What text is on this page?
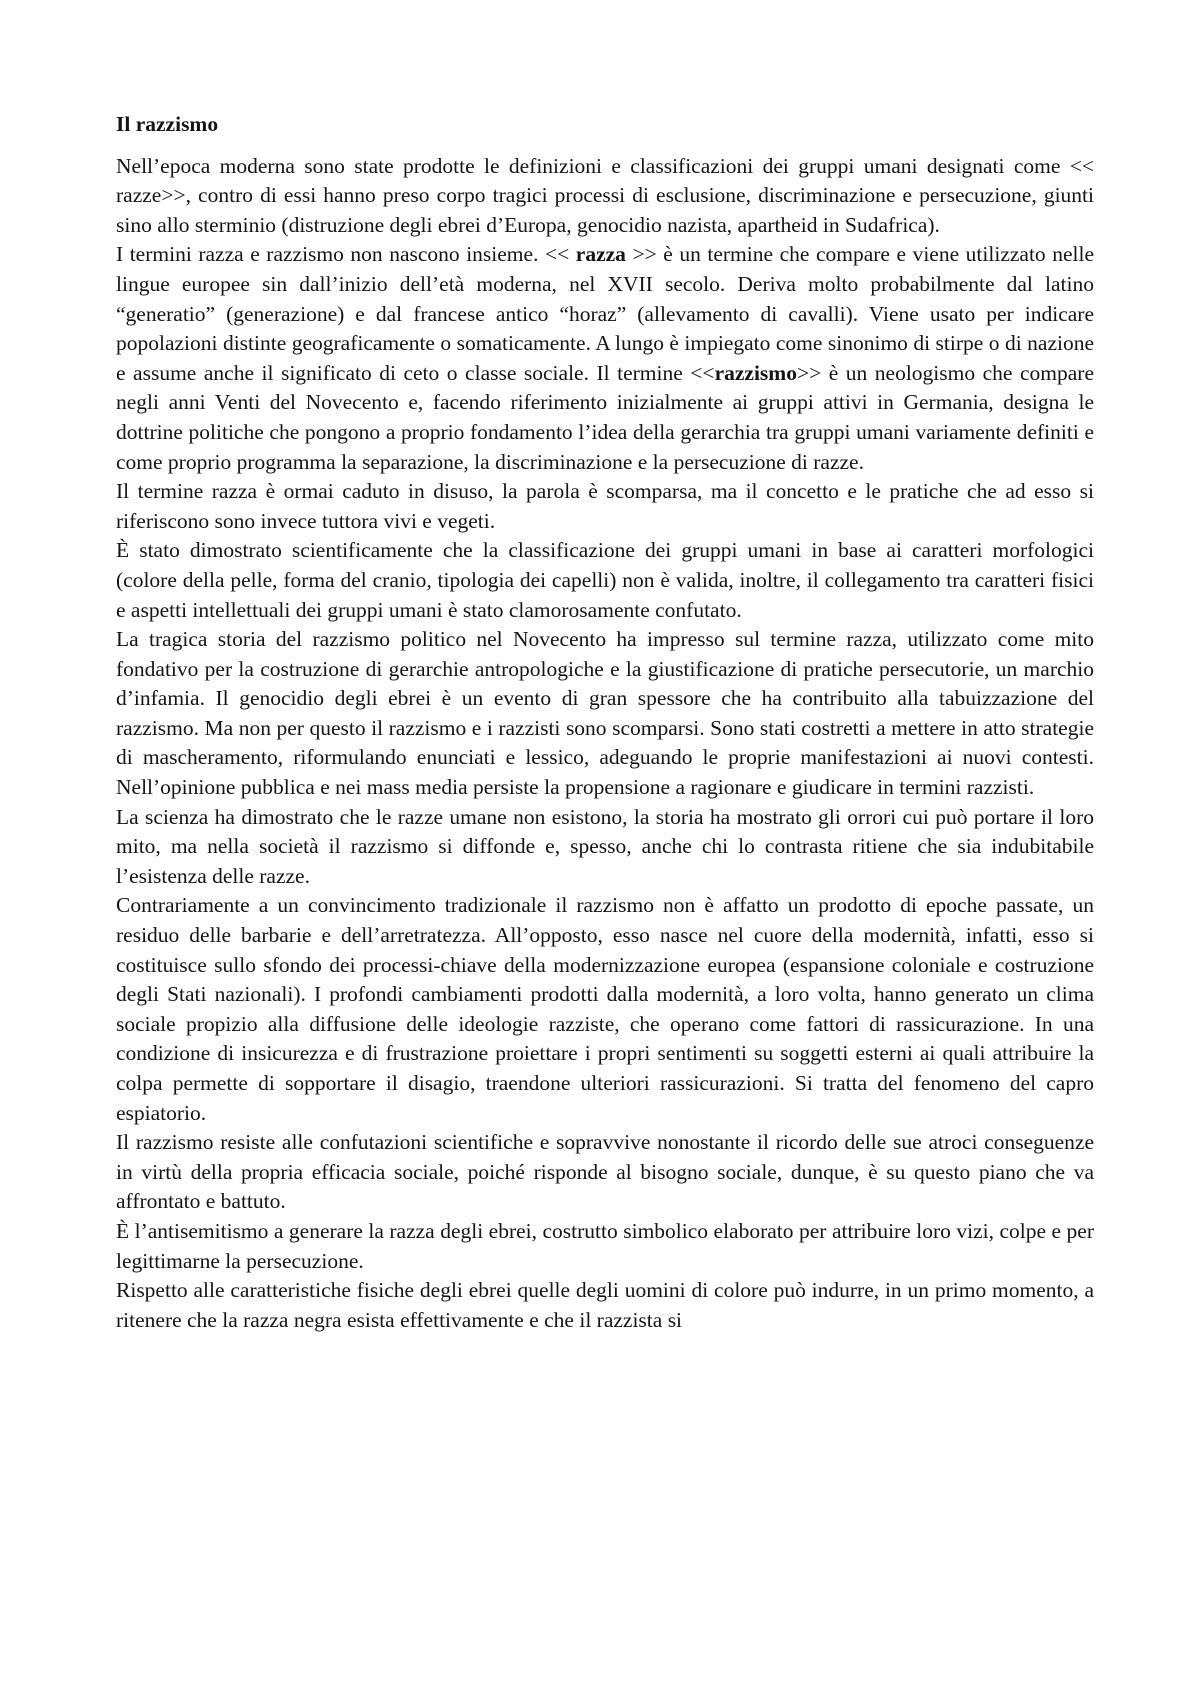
Il razzismo

Nell’epoca moderna sono state prodotte le definizioni e classificazioni dei gruppi umani designati come << razze>>, contro di essi hanno preso corpo tragici processi di esclusione, discriminazione e persecuzione, giunti sino allo sterminio (distruzione degli ebrei d’Europa, genocidio nazista, apartheid in Sudafrica).

I termini razza e razzismo non nascono insieme. << razza >> è un termine che compare e viene utilizzato nelle lingue europee sin dall’inizio dell’età moderna, nel XVII secolo. Deriva molto probabilmente dal latino “generatio” (generazione) e dal francese antico “horaz” (allevamento di cavalli). Viene usato per indicare popolazioni distinte geograficamente o somaticamente. A lungo è impiegato come sinonimo di stirpe o di nazione e assume anche il significato di ceto o classe sociale. Il termine <<razzismo>> è un neologismo che compare negli anni Venti del Novecento e, facendo riferimento inizialmente ai gruppi attivi in Germania, designa le dottrine politiche che pongono a proprio fondamento l’idea della gerarchia tra gruppi umani variamente definiti e come proprio programma la separazione, la discriminazione e la persecuzione di razze.

Il termine razza è ormai caduto in disuso, la parola è scomparsa, ma il concetto e le pratiche che ad esso si riferiscono sono invece tuttora vivi e vegeti.

È stato dimostrato scientificamente che la classificazione dei gruppi umani in base ai caratteri morfologici (colore della pelle, forma del cranio, tipologia dei capelli) non è valida, inoltre, il collegamento tra caratteri fisici e aspetti intellettuali dei gruppi umani è stato clamorosamente confutato.

La tragica storia del razzismo politico nel Novecento ha impresso sul termine razza, utilizzato come mito fondativo per la costruzione di gerarchie antropologiche e la giustificazione di pratiche persecutorie, un marchio d’infamia. Il genocidio degli ebrei è un evento di gran spessore che ha contribuito alla tabuizzazione del razzismo. Ma non per questo il razzismo e i razzisti sono scomparsi. Sono stati costretti a mettere in atto strategie di mascheramento, riformulando enunciati e lessico, adeguando le proprie manifestazioni ai nuovi contesti. Nell’opinione pubblica e nei mass media persiste la propensione a ragionare e giudicare in termini razzisti.

La scienza ha dimostrato che le razze umane non esistono, la storia ha mostrato gli orrori cui può portare il loro mito, ma nella società il razzismo si diffonde e, spesso, anche chi lo contrasta ritiene che sia indubitabile l’esistenza delle razze.

Contrariamente a un convincimento tradizionale il razzismo non è affatto un prodotto di epoche passate, un residuo delle barbarie e dell’arretratezza. All’opposto, esso nasce nel cuore della modernità, infatti, esso si costituisce sullo sfondo dei processi-chiave della modernizzazione europea (espansione coloniale e costruzione degli Stati nazionali). I profondi cambiamenti prodotti dalla modernità, a loro volta, hanno generato un clima sociale propizio alla diffusione delle ideologie razziste, che operano come fattori di rassicurazione. In una condizione di insicurezza e di frustrazione proiettare i propri sentimenti su soggetti esterni ai quali attribuire la colpa permette di sopportare il disagio, traendone ulteriori rassicurazioni. Si tratta del fenomeno del capro espiatorio.

Il razzismo resiste alle confutazioni scientifiche e sopravvive nonostante il ricordo delle sue atroci conseguenze in virtù della propria efficacia sociale, poiché risponde al bisogno sociale, dunque, è su questo piano che va affrontato e battuto.

È l’antisemitismo a generare la razza degli ebrei, costrutto simbolico elaborato per attribuire loro vizi, colpe e per legittimarne la persecuzione.

Rispetto alle caratteristiche fisiche degli ebrei quelle degli uomini di colore può indurre, in un primo momento, a ritenere che la razza negra esista effettivamente e che il razzista si
